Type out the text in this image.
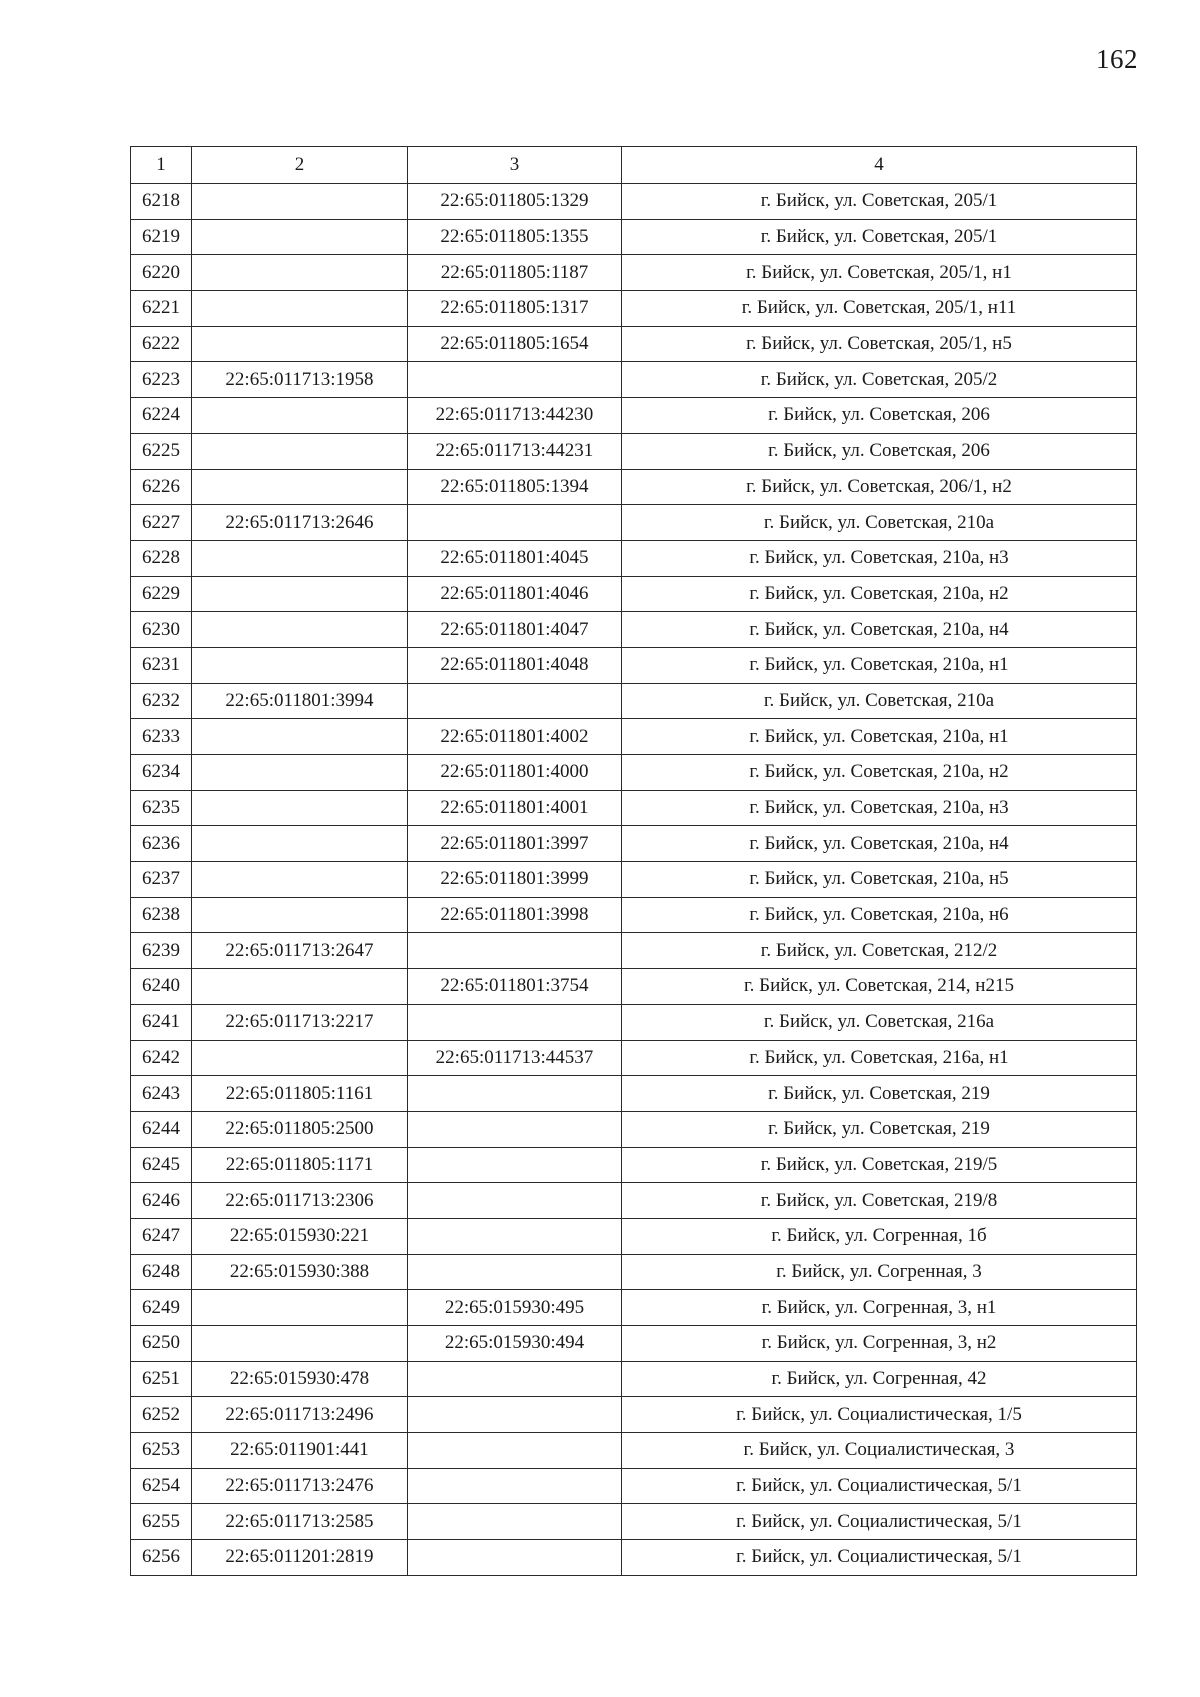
162
1	2	3	4
6218		22:65:011805:1329	г. Бийск, ул. Советская, 205/1
6219		22:65:011805:1355	г. Бийск, ул. Советская, 205/1
6220		22:65:011805:1187	г. Бийск, ул. Советская, 205/1, н1
6221		22:65:011805:1317	г. Бийск, ул. Советская, 205/1, н11
6222		22:65:011805:1654	г. Бийск, ул. Советская, 205/1, н5
6223	22:65:011713:1958		г. Бийск, ул. Советская, 205/2
6224		22:65:011713:44230	г. Бийск, ул. Советская, 206
6225		22:65:011713:44231	г. Бийск, ул. Советская, 206
6226		22:65:011805:1394	г. Бийск, ул. Советская, 206/1, н2
6227	22:65:011713:2646		г. Бийск, ул. Советская, 210а
6228		22:65:011801:4045	г. Бийск, ул. Советская, 210а, н3
6229		22:65:011801:4046	г. Бийск, ул. Советская, 210а, н2
6230		22:65:011801:4047	г. Бийск, ул. Советская, 210а, н4
6231		22:65:011801:4048	г. Бийск, ул. Советская, 210а, н1
6232	22:65:011801:3994		г. Бийск, ул. Советская, 210а
6233		22:65:011801:4002	г. Бийск, ул. Советская, 210а, н1
6234		22:65:011801:4000	г. Бийск, ул. Советская, 210а, н2
6235		22:65:011801:4001	г. Бийск, ул. Советская, 210а, н3
6236		22:65:011801:3997	г. Бийск, ул. Советская, 210а, н4
6237		22:65:011801:3999	г. Бийск, ул. Советская, 210а, н5
6238		22:65:011801:3998	г. Бийск, ул. Советская, 210а, н6
6239	22:65:011713:2647		г. Бийск, ул. Советская, 212/2
6240		22:65:011801:3754	г. Бийск, ул. Советская, 214, н215
6241	22:65:011713:2217		г. Бийск, ул. Советская, 216а
6242		22:65:011713:44537	г. Бийск, ул. Советская, 216а, н1
6243	22:65:011805:1161		г. Бийск, ул. Советская, 219
6244	22:65:011805:2500		г. Бийск, ул. Советская, 219
6245	22:65:011805:1171		г. Бийск, ул. Советская, 219/5
6246	22:65:011713:2306		г. Бийск, ул. Советская, 219/8
6247	22:65:015930:221		г. Бийск, ул. Согренная, 1б
6248	22:65:015930:388		г. Бийск, ул. Согренная, 3
6249		22:65:015930:495	г. Бийск, ул. Согренная, 3, н1
6250		22:65:015930:494	г. Бийск, ул. Согренная, 3, н2
6251	22:65:015930:478		г. Бийск, ул. Согренная, 42
6252	22:65:011713:2496		г. Бийск, ул. Социалистическая, 1/5
6253	22:65:011901:441		г. Бийск, ул. Социалистическая, 3
6254	22:65:011713:2476		г. Бийск, ул. Социалистическая, 5/1
6255	22:65:011713:2585		г. Бийск, ул. Социалистическая, 5/1
6256	22:65:011201:2819		г. Бийск, ул. Социалистическая, 5/1
